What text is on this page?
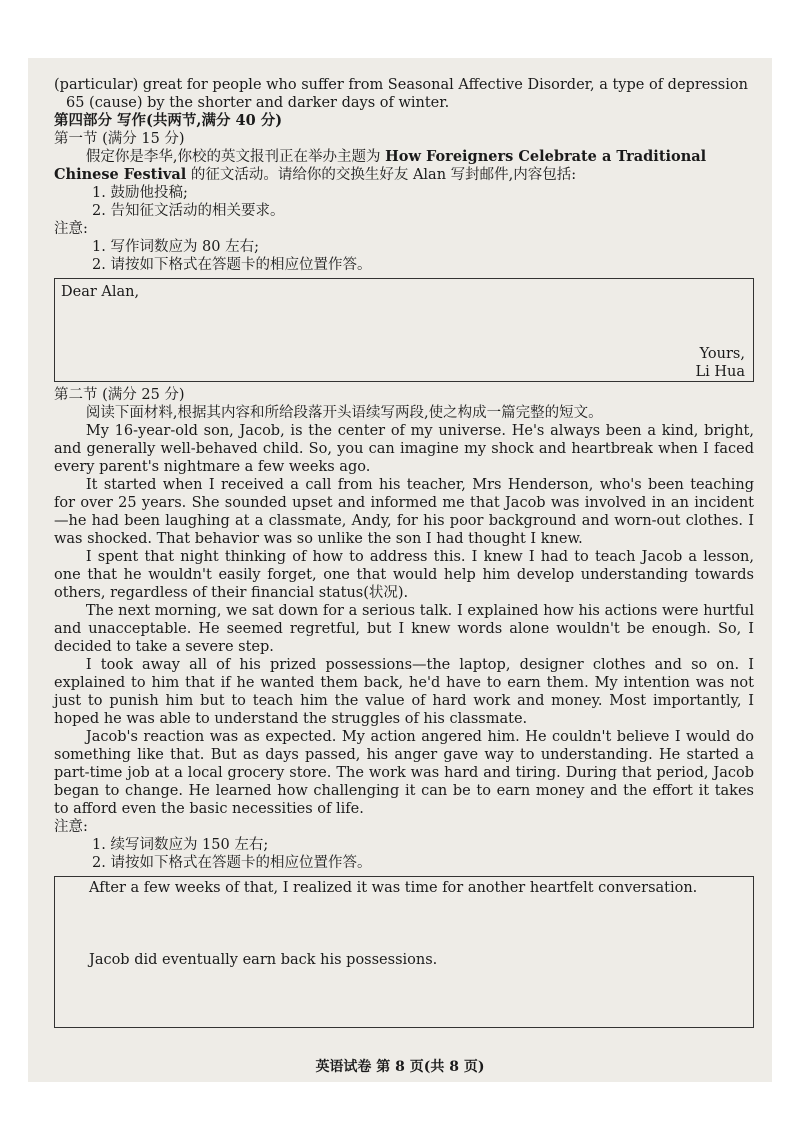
(particular) great for people who suffer from Seasonal Affective Disorder, a type of depression

65 (cause) by the shorter and darker days of winter.

第四部分 写作(共两节,满分 40 分)

第一节 (满分 15 分)

假定你是李华,你校的英文报刊正在举办主题为 How Foreigners Celebrate a Traditional Chinese Festival 的征文活动。请给你的交换生好友 Alan 写封邮件,内容包括:

1. 鼓励他投稿;

2. 告知征文活动的相关要求。

注意:

1. 写作词数应为 80 左右;

2. 请按如下格式在答题卡的相应位置作答。

Dear Alan,
Yours,
Li Hua

第二节 (满分 25 分)

阅读下面材料,根据其内容和所给段落开头语续写两段,使之构成一篇完整的短文。

My 16-year-old son, Jacob, is the center of my universe. He's always been a kind, bright, and generally well-behaved child. So, you can imagine my shock and heartbreak when I faced every parent's nightmare a few weeks ago.

It started when I received a call from his teacher, Mrs Henderson, who's been teaching for over 25 years. She sounded upset and informed me that Jacob was involved in an incident—he had been laughing at a classmate, Andy, for his poor background and worn-out clothes. I was shocked. That behavior was so unlike the son I had thought I knew.

I spent that night thinking of how to address this. I knew I had to teach Jacob a lesson, one that he wouldn't easily forget, one that would help him develop understanding towards others, regardless of their financial status(状况).

The next morning, we sat down for a serious talk. I explained how his actions were hurtful and unacceptable. He seemed regretful, but I knew words alone wouldn't be enough. So, I decided to take a severe step.

I took away all of his prized possessions—the laptop, designer clothes and so on. I explained to him that if he wanted them back, he'd have to earn them. My intention was not just to punish him but to teach him the value of hard work and money. Most importantly, I hoped he was able to understand the struggles of his classmate.

Jacob's reaction was as expected. My action angered him. He couldn't believe I would do something like that. But as days passed, his anger gave way to understanding. He started a part-time job at a local grocery store. The work was hard and tiring. During that period, Jacob began to change. He learned how challenging it can be to earn money and the effort it takes to afford even the basic necessities of life.

注意:

1. 续写词数应为 150 左右;

2. 请按如下格式在答题卡的相应位置作答。

After a few weeks of that, I realized it was time for another heartfelt conversation.
Jacob did eventually earn back his possessions.
英语试卷 第 8 页(共 8 页)
